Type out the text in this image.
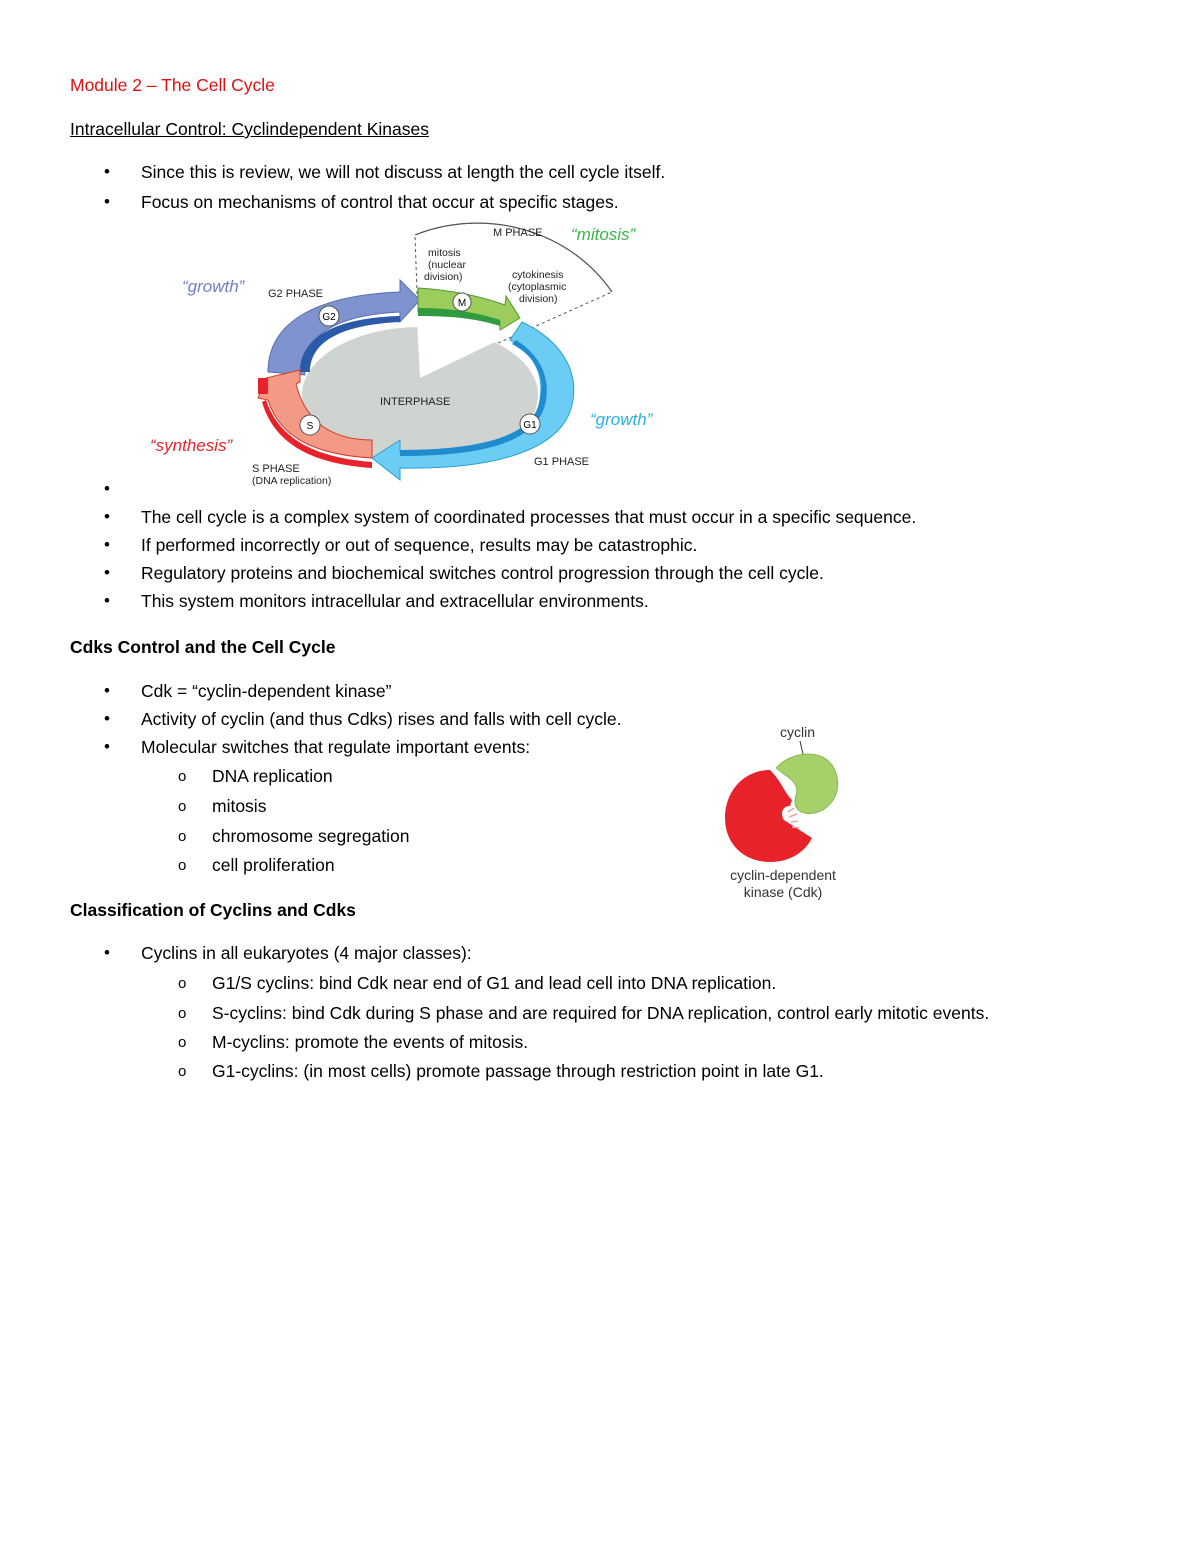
Module 2 – The Cell Cycle
Intracellular Control: Cyclindependent Kinases
• Since this is review, we will not discuss at length the cell cycle itself.
• Focus on mechanisms of control that occur at specific stages.
M
G2
S	G1
M PHASE “mitosis”
mitosis
(nuclear
division)	cytokinesis
(cytoplasmic
division)
“growth” G2 PHASE
INTERPHASE
“growth”
G1 PHASE
“synthesis”
S PHASE
(DNA replication)
•
• The cell cycle is a complex system of coordinated processes that must occur in a specific sequence.
• If performed incorrectly or out of sequence, results may be catastrophic.
• Regulatory proteins and biochemical switches control progression through the cell cycle.
• This system monitors intracellular and extracellular environments.
Cdks Control and the Cell Cycle
• Cdk = “cyclin-dependent kinase”
• Activity of cyclin (and thus Cdks) rises and falls with cell cycle.
• Molecular switches that regulate important events:
o DNA replication
o mitosis
o chromosome segregation
o cell proliferation
cyclin
cyclin-dependent
kinase (Cdk)
Classification of Cyclins and Cdks
• Cyclins in all eukaryotes (4 major classes):
o G1/S cyclins: bind Cdk near end of G1 and lead cell into DNA replication.
o S-cyclins: bind Cdk during S phase and are required for DNA replication, control early mitotic events.
o M-cyclins: promote the events of mitosis.
o G1-cyclins: (in most cells) promote passage through restriction point in late G1.
